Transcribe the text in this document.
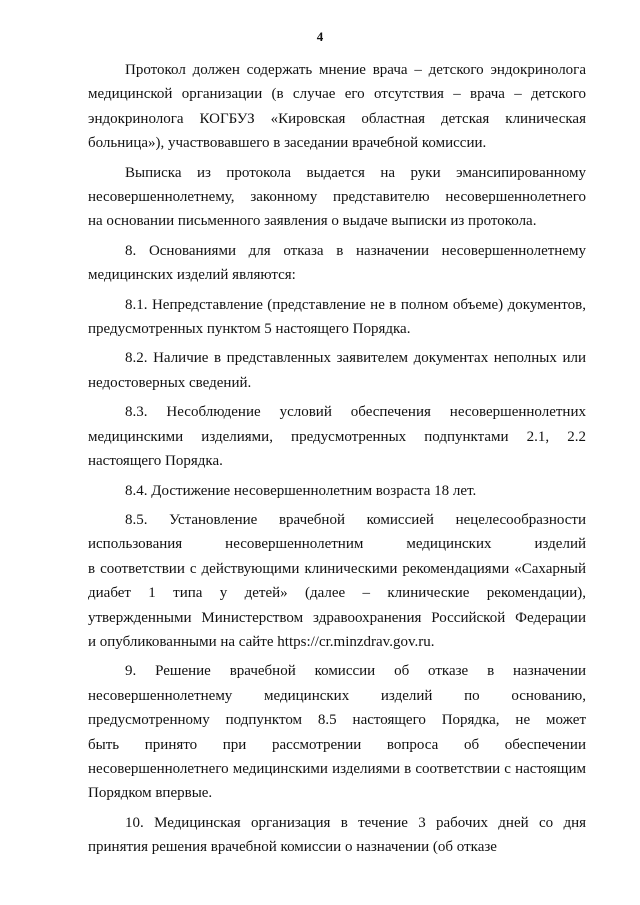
4
Протокол должен содержать мнение врача – детского эндокринолога
медицинской организации (в случае его отсутствия – врача – детского
эндокринолога КОГБУЗ «Кировская областная детская клиническая
больница»), участвовавшего в заседании врачебной комиссии.
Выписка из протокола выдается на руки эмансипированному
несовершеннолетнему, законному представителю несовершеннолетнего
на основании письменного заявления о выдаче выписки из протокола.
8. Основаниями для отказа в назначении несовершеннолетнему
медицинских изделий являются:
8.1. Непредставление (представление не в полном объеме) документов,
предусмотренных пунктом 5 настоящего Порядка.
8.2. Наличие в представленных заявителем документах неполных или
недостоверных сведений.
8.3. Несоблюдение условий обеспечения несовершеннолетних
медицинскими изделиями, предусмотренных подпунктами 2.1, 2.2
настоящего Порядка.
8.4. Достижение несовершеннолетним возраста 18 лет.
8.5. Установление врачебной комиссией нецелесообразности
использования несовершеннолетним медицинских изделий
в соответствии с действующими клиническими рекомендациями «Сахарный
диабет 1 типа у детей» (далее – клинические рекомендации),
утвержденными Министерством здравоохранения Российской Федерации
и опубликованными на сайте https://cr.minzdrav.gov.ru.
9. Решение врачебной комиссии об отказе в назначении
несовершеннолетнему медицинских изделий по основанию,
предусмотренному подпунктом 8.5 настоящего Порядка, не может
быть принято при рассмотрении вопроса об обеспечении
несовершеннолетнего медицинскими изделиями в соответствии с настоящим
Порядком впервые.
10. Медицинская организация в течение 3 рабочих дней со дня
принятия решения врачебной комиссии о назначении (об отказе
